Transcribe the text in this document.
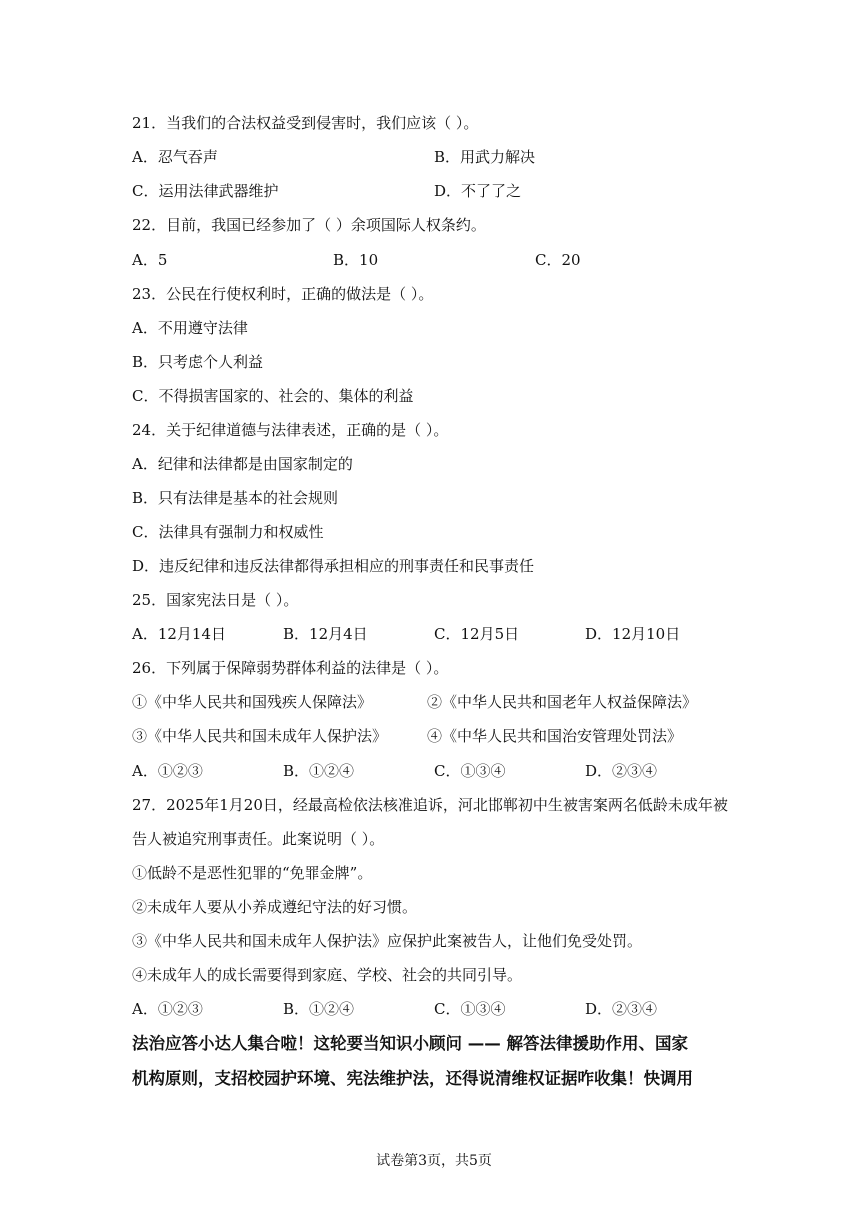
21．当我们的合法权益受到侵害时，我们应该（ ）。
A．忍气吞声	B．用武力解决
C．运用法律武器维护	D．不了了之
22．目前，我国已经参加了（ ）余项国际人权条约。
A．5	B．10	C．20
23．公民在行使权利时，正确的做法是（ ）。
A．不用遵守法律
B．只考虑个人利益
C．不得损害国家的、社会的、集体的利益
24．关于纪律道德与法律表述，正确的是（ ）。
A．纪律和法律都是由国家制定的
B．只有法律是基本的社会规则
C．法律具有强制力和权威性
D．违反纪律和违反法律都得承担相应的刑事责任和民事责任
25．国家宪法日是（ ）。
A．12月14日	B．12月4日	C．12月5日	D．12月10日
26．下列属于保障弱势群体利益的法律是（ ）。
①《中华人民共和国残疾人保障法》	②《中华人民共和国老年人权益保障法》
③《中华人民共和国未成年人保护法》	④《中华人民共和国治安管理处罚法》
A．①②③	B．①②④	C．①③④	D．②③④
27．2025年1月20日，经最高检依法核准追诉，河北邯郸初中生被害案两名低龄未成年被
告人被追究刑事责任。此案说明（ ）。
①低龄不是恶性犯罪的“免罪金牌”。
②未成年人要从小养成遵纪守法的好习惯。
③《中华人民共和国未成年人保护法》应保护此案被告人，让他们免受处罚。
④未成年人的成长需要得到家庭、学校、社会的共同引导。
A．①②③	B．①②④	C．①③④	D．②③④
法治应答小达人集合啦！这轮要当知识小顾问 —— 解答法律援助作用、国家
机构原则，支招校园护环境、宪法维护法，还得说清维权证据咋收集！快调用
试卷第3页，共5页
